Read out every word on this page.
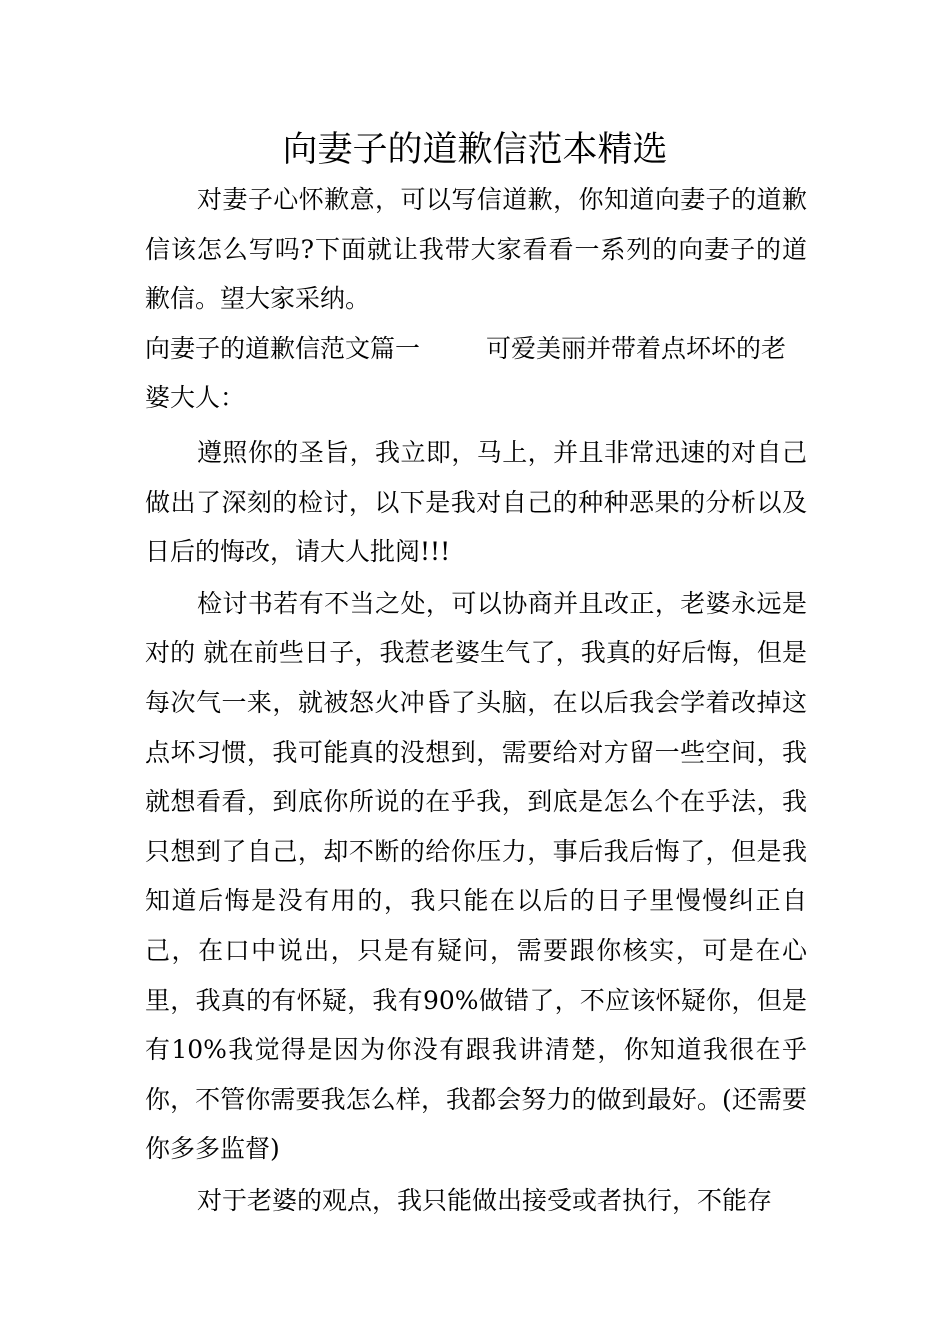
向妻子的道歉信范本精选

对妻子心怀歉意，可以写信道歉，你知道向妻子的道歉信该怎么写吗?下面就让我带大家看看一系列的向妻子的道歉信。望大家采纳。

向妻子的道歉信范文篇一	可爱美丽并带着点坏坏的老

婆大人：

遵照你的圣旨，我立即，马上，并且非常迅速的对自己做出了深刻的检讨，以下是我对自己的种种恶果的分析以及日后的悔改，请大人批阅!!!

检讨书若有不当之处，可以协商并且改正，老婆永远是对的 就在前些日子，我惹老婆生气了，我真的好后悔，但是每次气一来，就被怒火冲昏了头脑，在以后我会学着改掉这点坏习惯，我可能真的没想到，需要给对方留一些空间，我就想看看，到底你所说的在乎我，到底是怎么个在乎法，我只想到了自己，却不断的给你压力，事后我后悔了，但是我知道后悔是没有用的，我只能在以后的日子里慢慢纠正自己，在口中说出，只是有疑问，需要跟你核实，可是在心里，我真的有怀疑，我有90%做错了，不应该怀疑你，但是有10%我觉得是因为你没有跟我讲清楚，你知道我很在乎你，不管你需要我怎么样，我都会努力的做到最好。(还需要你多多监督)

对于老婆的观点，我只能做出接受或者执行，不能存
